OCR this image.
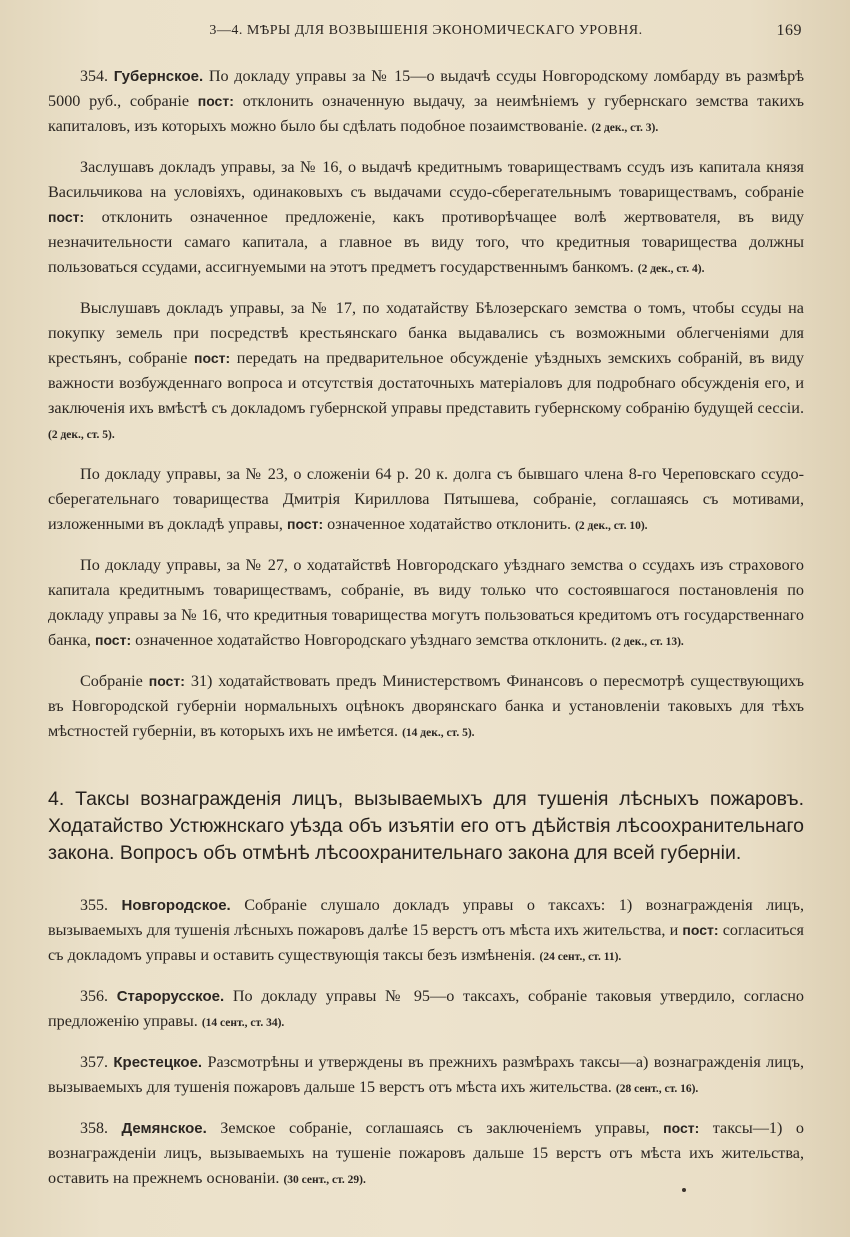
3—4. МѢРЫ ДЛЯ ВОЗВЫШЕНІЯ ЭКОНОМИЧЕСКАГО УРОВНЯ.	169

354. Губернское. По докладу управы за № 15—о выдачѣ ссуды Новгородскому ломбарду въ размѣрѣ 5000 руб., собраніе пост: отклонить означенную выдачу, за неимѣніемъ у губернскаго земства такихъ капиталовъ, изъ которыхъ можно было бы сдѣлать подобное позаимствованіе. (2 дек., ст. 3).

Заслушавъ докладъ управы, за № 16, о выдачѣ кредитнымъ товариществамъ ссудъ изъ капитала князя Васильчикова на условіяхъ, одинаковыхъ съ выдачами ссудо-сберегательнымъ товариществамъ, собраніе пост: отклонить означенное предложеніе, какъ противорѣчащее волѣ жертвователя, въ виду незначительности самаго капитала, а главное въ виду того, что кредитныя товарищества должны пользоваться ссудами, ассигнуемыми на этотъ предметъ государственнымъ банкомъ. (2 дек., ст. 4).

Выслушавъ докладъ управы, за № 17, по ходатайству Бѣлозерскаго земства о томъ, чтобы ссуды на покупку земель при посредствѣ крестьянскаго банка выдавались съ возможными облегченіями для крестьянъ, собраніе пост: передать на предварительное обсужденіе уѣздныхъ земскихъ собраній, въ виду важности возбужденнаго вопроса и отсутствія достаточныхъ матеріаловъ для подробнаго обсужденія его, и заключенія ихъ вмѣстѣ съ докладомъ губернской управы представить губернскому собранію будущей сессіи. (2 дек., ст. 5).

По докладу управы, за № 23, о сложеніи 64 р. 20 к. долга съ бывшаго члена 8-го Череповскаго ссудо-сберегательнаго товарищества Дмитрія Кириллова Пятышева, собраніе, соглашаясь съ мотивами, изложенными въ докладѣ управы, пост: означенное ходатайство отклонить. (2 дек., ст. 10).

По докладу управы, за № 27, о ходатайствѣ Новгородскаго уѣзднаго земства о ссудахъ изъ страхового капитала кредитнымъ товариществамъ, собраніе, въ виду только что состоявшагося постановленія по докладу управы за № 16, что кредитныя товарищества могутъ пользоваться кредитомъ отъ государственнаго банка, пост: означенное ходатайство Новгородскаго уѣзднаго земства отклонить. (2 дек., ст. 13).

Собраніе пост: 31) ходатайствовать предъ Министерствомъ Финансовъ о пересмотрѣ существующихъ въ Новгородской губерніи нормальныхъ оцѣнокъ дворянскаго банка и установленіи таковыхъ для тѣхъ мѣстностей губерніи, въ которыхъ ихъ не имѣется. (14 дек., ст. 5).

4. Таксы вознагражденія лицъ, вызываемыхъ для тушенія лѣсныхъ пожаровъ. Ходатайство Устюжнскаго уѣзда объ изъятіи его отъ дѣйствія лѣсоохранительнаго закона. Вопросъ объ отмѣнѣ лѣсоохранительнаго закона для всей губерніи.

355. Новгородское. Собраніе слушало докладъ управы о таксахъ: 1) вознагражденія лицъ, вызываемыхъ для тушенія лѣсныхъ пожаровъ далѣе 15 верстъ отъ мѣста ихъ жительства, и пост: согласиться съ докладомъ управы и оставить существующія таксы безъ измѣненія. (24 сент., ст. 11).

356. Старорусское. По докладу управы № 95—о таксахъ, собраніе таковыя утвердило, согласно предложенію управы. (14 сент., ст. 34).

357. Крестецкое. Разсмотрѣны и утверждены въ прежнихъ размѣрахъ таксы—а) вознагражденія лицъ, вызываемыхъ для тушенія пожаровъ дальше 15 верстъ отъ мѣста ихъ жительства. (28 сент., ст. 16).

358. Демянское. Земское собраніе, соглашаясь съ заключеніемъ управы, пост: таксы—1) о вознагражденіи лицъ, вызываемыхъ на тушеніе пожаровъ дальше 15 верстъ отъ мѣста ихъ жительства, оставить на прежнемъ основаніи. (30 сент., ст. 29).
